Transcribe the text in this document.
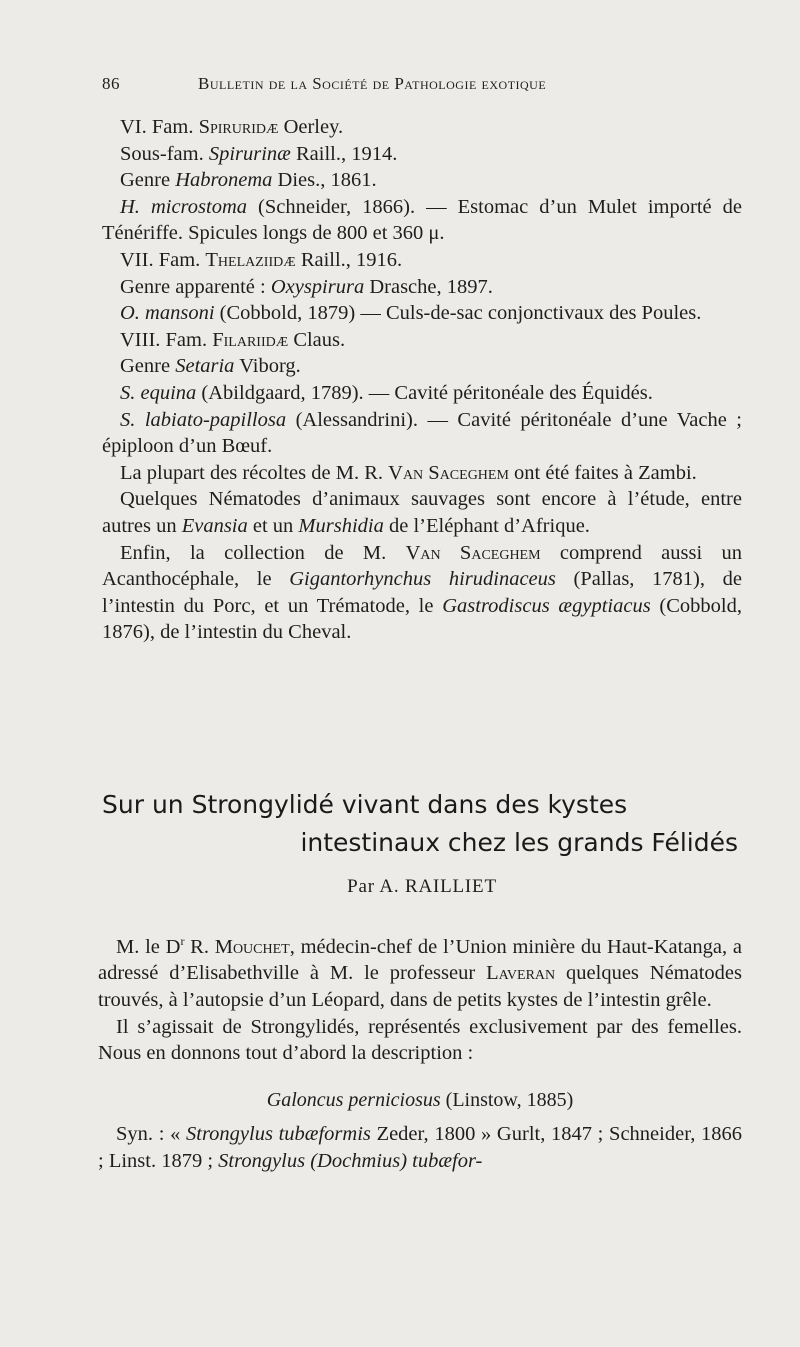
86	Bulletin de la Société de Pathologie exotique

VI. Fam. Spiruridæ Oerley.

Sous-fam. Spirurinæ Raill., 1914.

Genre Habronema Dies., 1861.

H. microstoma (Schneider, 1866). — Estomac d’un Mulet importé de Ténériffe. Spicules longs de 800 et 360 μ.

VII. Fam. Thelaziidæ Raill., 1916.

Genre apparenté : Oxyspirura Drasche, 1897.

O. mansoni (Cobbold, 1879) — Culs-de-sac conjonctivaux des Poules.

VIII. Fam. Filariidæ Claus.

Genre Setaria Viborg.

S. equina (Abildgaard, 1789). — Cavité péritonéale des Équidés.

S. labiato-papillosa (Alessandrini). — Cavité péritonéale d’une Vache ; épiploon d’un Bœuf.

La plupart des récoltes de M. R. Van Saceghem ont été faites à Zambi.

Quelques Nématodes d’animaux sauvages sont encore à l’étude, entre autres un Evansia et un Murshidia de l’Eléphant d’Afrique.

Enfin, la collection de M. Van Saceghem comprend aussi un Acanthocéphale, le Gigantorhynchus hirudinaceus (Pallas, 1781), de l’intestin du Porc, et un Trématode, le Gastrodiscus ægyptiacus (Cobbold, 1876), de l’intestin du Cheval.

Sur un Strongylidé vivant dans des kystes
intestinaux chez les grands Félidés
Par A. RAILLIET

M. le $D^r$ R. Mouchet, médecin-chef de l’Union minière du Haut-Katanga, a adressé d’Elisabethville à M. le professeur Laveran quelques Nématodes trouvés, à l’autopsie d’un Léopard, dans de petits kystes de l’intestin grêle.

Il s’agissait de Strongylidés, représentés exclusivement par des femelles. Nous en donnons tout d’abord la description :

Galoncus perniciosus (Linstow, 1885)

Syn. : « Strongylus tubæformis Zeder, 1800 » Gurlt, 1847 ; Schneider, 1866 ; Linst. 1879 ; Strongylus (Dochmius) tubæfor-
